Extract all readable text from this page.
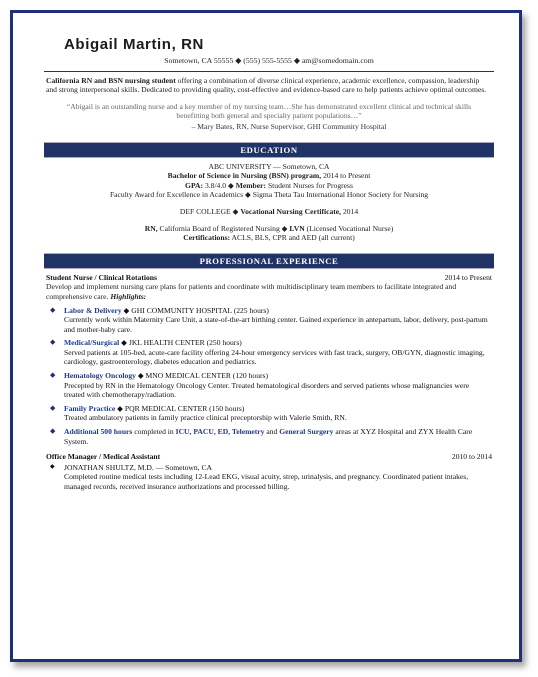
Abigail Martin, RN
Sometown, CA 55555 ◆ (555) 555-5555 ◆ am@somedomain.com
California RN and BSN nursing student offering a combination of diverse clinical experience, academic excellence, compassion, leadership and strong interpersonal skills. Dedicated to providing quality, cost-effective and evidence-based care to help patients achieve optimal outcomes.
“Abigail is an outstanding nurse and a key member of my nursing team…She has demonstrated excellent clinical and technical skills benefitting both general and specialty patient populations…”
– Mary Bates, RN, Nurse Supervisor, GHI Community Hospital
EDUCATION
ABC UNIVERSITY — Sometown, CA
Bachelor of Science in Nursing (BSN) program, 2014 to Present
GPA: 3.8/4.0 ◆ Member: Student Nurses for Progress
Faculty Award for Excellence in Academics ◆ Sigma Theta Tau International Honor Society for Nursing
DEF COLLEGE ◆ Vocational Nursing Certificate, 2014
RN, California Board of Registered Nursing ◆ LVN (Licensed Vocational Nurse)
Certifications: ACLS, BLS, CPR and AED (all current)
PROFESSIONAL EXPERIENCE
Student Nurse / Clinical Rotations	2014 to Present
Develop and implement nursing care plans for patients and coordinate with multidisciplinary team members to facilitate integrated and comprehensive care. Highlights:
◆	Labor & Delivery ◆ GHI COMMUNITY HOSPITAL (225 hours)
Currently work within Maternity Care Unit, a state-of-the-art birthing center. Gained experience in antepartum, labor, delivery, post-partum and mother-baby care.
◆	Medical/Surgical ◆ JKL HEALTH CENTER (250 hours)
Served patients at 105-bed, acute-care facility offering 24-hour emergency services with fast track, surgery, OB/GYN, diagnostic imaging, cardiology, gastroenterology, diabetes education and pediatrics.
◆	Hematology Oncology ◆ MNO MEDICAL CENTER (120 hours)
Precepted by RN in the Hematology Oncology Center. Treated hematological disorders and served patients whose malignancies were treated with chemotherapy/radiation.
◆	Family Practice ◆ PQR MEDICAL CENTER (150 hours)
Treated ambulatory patients in family practice clinical preceptorship with Valerie Smith, RN.
◆	Additional 500 hours completed in ICU, PACU, ED, Telemetry and General Surgery areas at XYZ Hospital and ZYX Health Care System.
Office Manager / Medical Assistant	2010 to 2014
◆	JONATHAN SHULTZ, M.D. — Sometown, CA
Completed routine medical tests including 12-Lead EKG, visual acuity, strep, urinalysis, and pregnancy. Coordinated patient intakes, managed records, received insurance authorizations and processed billing.
